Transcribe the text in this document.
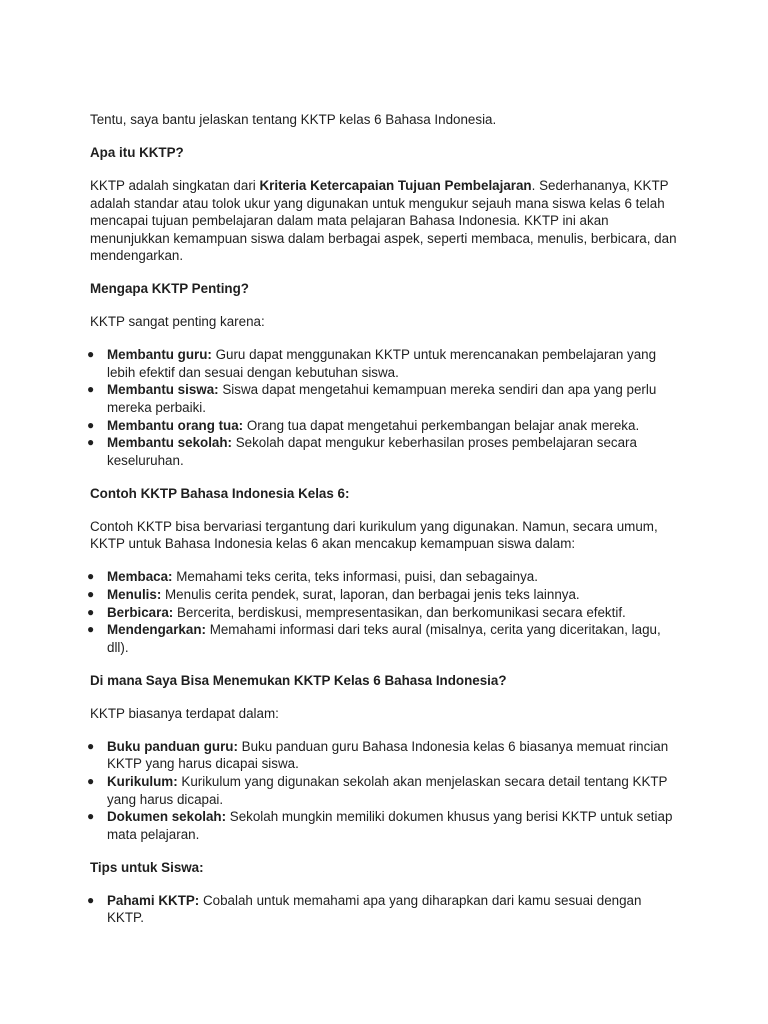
Tentu, saya bantu jelaskan tentang KKTP kelas 6 Bahasa Indonesia.

Apa itu KKTP?

KKTP adalah singkatan dari Kriteria Ketercapaian Tujuan Pembelajaran. Sederhananya, KKTP adalah standar atau tolok ukur yang digunakan untuk mengukur sejauh mana siswa kelas 6 telah mencapai tujuan pembelajaran dalam mata pelajaran Bahasa Indonesia. KKTP ini akan menunjukkan kemampuan siswa dalam berbagai aspek, seperti membaca, menulis, berbicara, dan mendengarkan.

Mengapa KKTP Penting?

KKTP sangat penting karena:

● Membantu guru: Guru dapat menggunakan KKTP untuk merencanakan pembelajaran yang lebih efektif dan sesuai dengan kebutuhan siswa.
● Membantu siswa: Siswa dapat mengetahui kemampuan mereka sendiri dan apa yang perlu mereka perbaiki.
● Membantu orang tua: Orang tua dapat mengetahui perkembangan belajar anak mereka.
● Membantu sekolah: Sekolah dapat mengukur keberhasilan proses pembelajaran secara keseluruhan.

Contoh KKTP Bahasa Indonesia Kelas 6:

Contoh KKTP bisa bervariasi tergantung dari kurikulum yang digunakan. Namun, secara umum, KKTP untuk Bahasa Indonesia kelas 6 akan mencakup kemampuan siswa dalam:

● Membaca: Memahami teks cerita, teks informasi, puisi, dan sebagainya.
● Menulis: Menulis cerita pendek, surat, laporan, dan berbagai jenis teks lainnya.
● Berbicara: Bercerita, berdiskusi, mempresentasikan, dan berkomunikasi secara efektif.
● Mendengarkan: Memahami informasi dari teks aural (misalnya, cerita yang diceritakan, lagu, dll).

Di mana Saya Bisa Menemukan KKTP Kelas 6 Bahasa Indonesia?

KKTP biasanya terdapat dalam:

● Buku panduan guru: Buku panduan guru Bahasa Indonesia kelas 6 biasanya memuat rincian KKTP yang harus dicapai siswa.
● Kurikulum: Kurikulum yang digunakan sekolah akan menjelaskan secara detail tentang KKTP yang harus dicapai.
● Dokumen sekolah: Sekolah mungkin memiliki dokumen khusus yang berisi KKTP untuk setiap mata pelajaran.

Tips untuk Siswa:

● Pahami KKTP: Cobalah untuk memahami apa yang diharapkan dari kamu sesuai dengan KKTP.
